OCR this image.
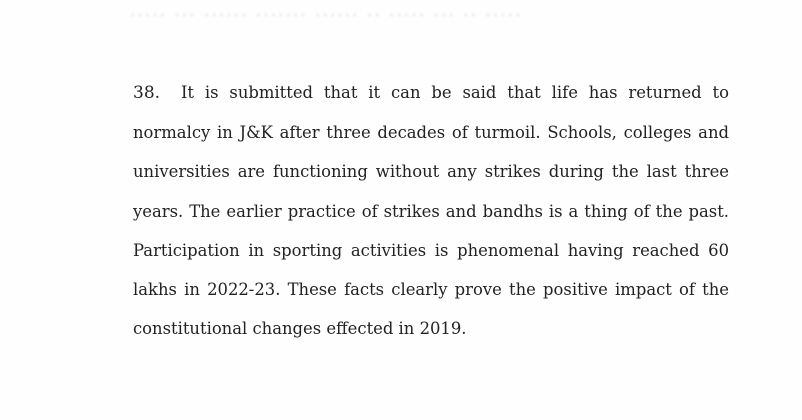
..... ... ...... ....... ...... .. ..... ... .. .....

38. It is submitted that it can be said that life has returned to normalcy in J&K after three decades of turmoil. Schools, colleges and universities are functioning without any strikes during the last three years. The earlier practice of strikes and bandhs is a thing of the past. Participation in sporting activities is phenomenal having reached 60 lakhs in 2022-23. These facts clearly prove the positive impact of the constitutional changes effected in 2019.
